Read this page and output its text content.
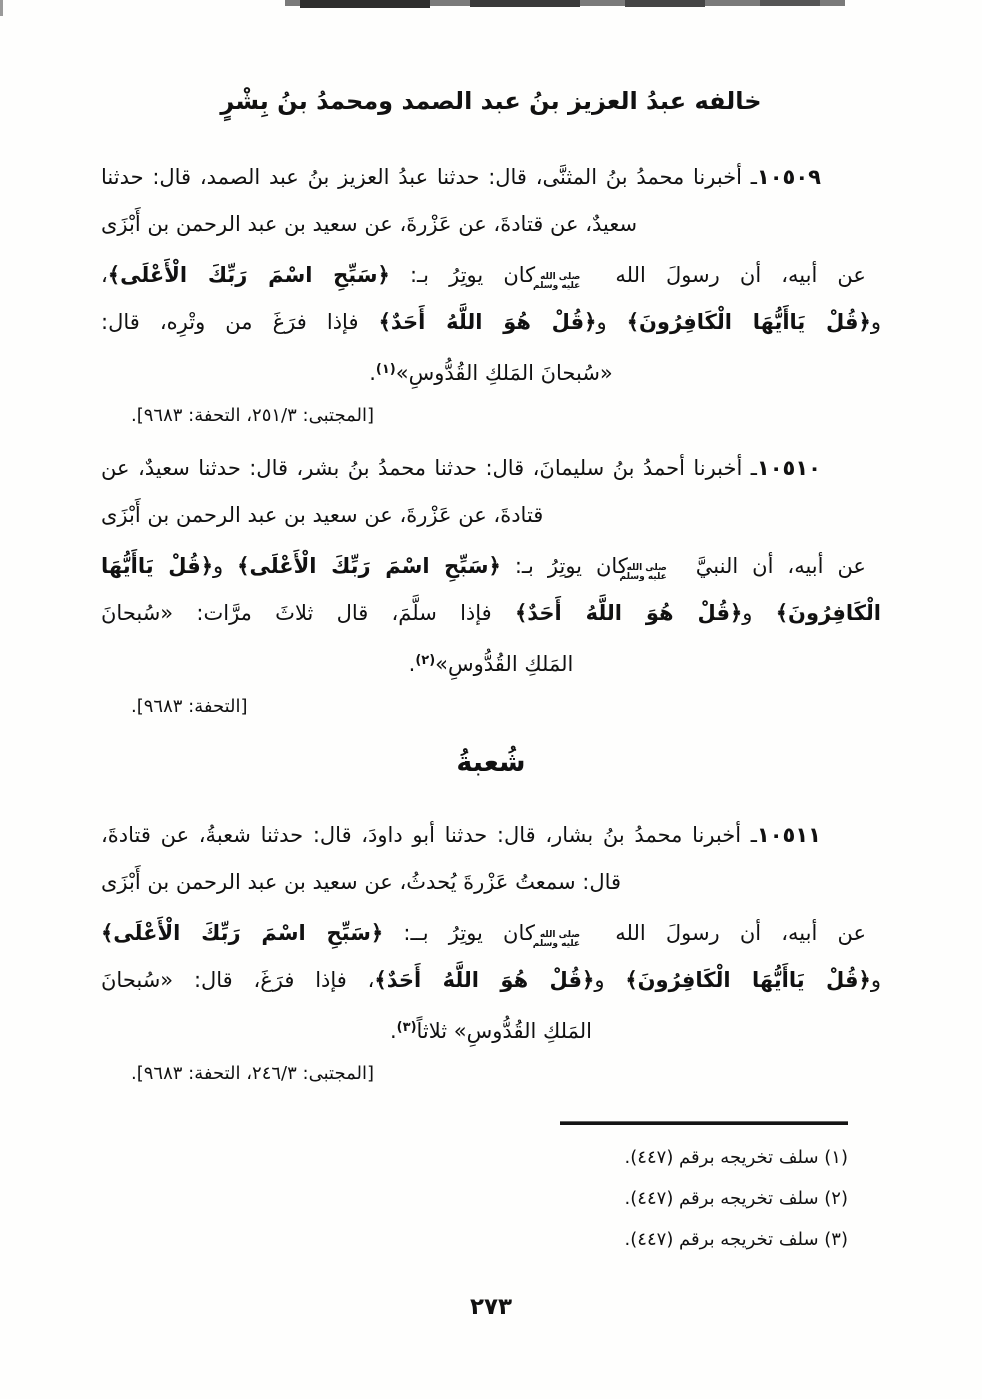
خالفه عبدُ العزيز بنُ عبد الصمد ومحمدُ بنُ بِشْرٍ
١٠٥٠٩ـ أخبرنا محمدُ بنُ المثنَّى، قال: حدثنا عبدُ العزيز بنُ عبد الصمد، قال: حدثنا
سعيدٌ، عن قتادةَ، عن عَزْرةَ، عن سعيد بن عبد الرحمن بن أَبْزَى
عن أبيه، أن رسولَ الله
صلى الله
عليه وسلم
كان يوتِرُ بـ: ﴿سَبِّحِ اسْمَ رَبِّكَ الْأَعْلَى﴾،
و﴿قُلْ يَاأَيُّهَا الْكَافِرُونَ﴾ و﴿قُلْ هُوَ اللَّهُ أَحَدٌ﴾ فإذا فرَغَ من وتْرِه، قال:
«سُبحانَ المَلكِ القُدُّوسِ»$^{(١)}$.
[المجتبى: ٣‏/‏٢٥١، التحفة: ٩٦٨٣].
١٠٥١٠ـ أخبرنا أحمدُ بنُ سليمانَ، قال: حدثنا محمدُ بنُ بشر، قال: حدثنا سعيدٌ، عن
قتادةَ، عن عَزْرةَ، عن سعيد بن عبد الرحمن بن أَبْزَى
عن أبيه، أن النبيَّ
صلى الله
عليه وسلم
كان يوتِرُ بـ: ﴿سَبِّحِ اسْمَ رَبِّكَ الْأَعْلَى﴾ و﴿قُلْ يَاأَيُّهَا
الْكَافِرُونَ﴾ و﴿قُلْ هُوَ اللَّهُ أَحَدٌ﴾ فإذا سلَّمَ، قال ثلاثَ مرَّات: «سُبحانَ
المَلكِ القُدُّوسِ»$^{(٢)}$.
[التحفة: ٩٦٨٣].
شُعبةُ
١٠٥١١ـ أخبرنا محمدُ بنُ بشار، قال: حدثنا أبو داودَ، قال: حدثنا شعبةُ، عن قتادةَ،
قال: سمعتُ عَزْرةَ يُحدثُ، عن سعيد بن عبد الرحمن بن أَبْزَى
عن أبيه، أن رسولَ الله
صلى الله
عليه وسلم
كان يوتِرُ بــ: ﴿سَبِّحِ اسْمَ رَبِّكَ الْأَعْلَى﴾
و﴿قُلْ يَاأَيُّهَا الْكَافِرُونَ﴾ و﴿قُلْ هُوَ اللَّهُ أَحَدٌ﴾، فإذا فرَغَ، قال: «سُبحانَ
المَلكِ القُدُّوسِ» ثلاثاً$^{(٣)}$.
[المجتبى: ٣‏/‏٢٤٦، التحفة: ٩٦٨٣].
(١) سلف تخريجه برقم (٤٤٧).
(٢) سلف تخريجه برقم (٤٤٧).
(٣) سلف تخريجه برقم (٤٤٧).
٢٧٣
